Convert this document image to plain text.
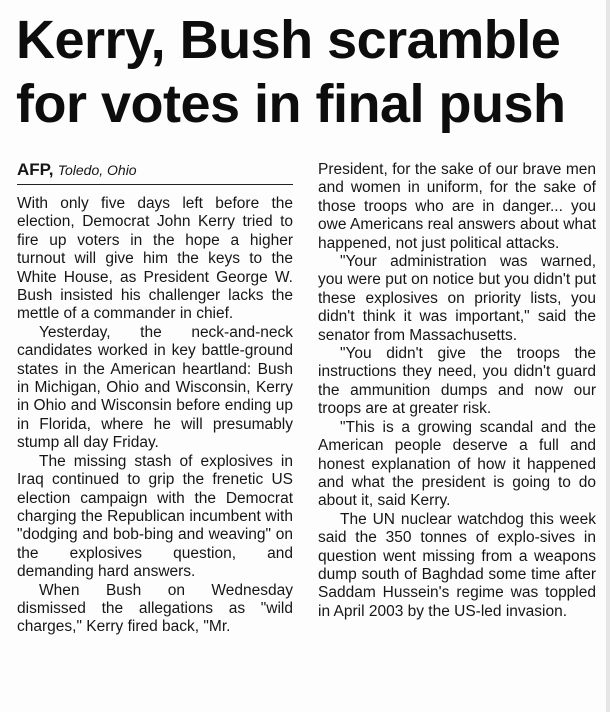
Kerry, Bush scramble
for votes in final push
AFP, Toledo, Ohio

With only five days left before the election, Democrat John Kerry tried to fire up voters in the hope a higher turnout will give him the keys to the White House, as President George W. Bush insisted his challenger lacks the mettle of a commander in chief.

Yesterday, the neck-and-neck candidates worked in key battle-ground states in the American heartland: Bush in Michigan, Ohio and Wisconsin, Kerry in Ohio and Wisconsin before ending up in Florida, where he will presumably stump all day Friday.

The missing stash of explosives in Iraq continued to grip the frenetic US election campaign with the Democrat charging the Republican incumbent with "dodging and bob-bing and weaving" on the explosives question, and demanding hard answers.

When Bush on Wednesday dismissed the allegations as "wild charges," Kerry fired back, "Mr.

President, for the sake of our brave men and women in uniform, for the sake of those troops who are in danger... you owe Americans real answers about what happened, not just political attacks.

"Your administration was warned, you were put on notice but you didn't put these explosives on priority lists, you didn't think it was important," said the senator from Massachusetts.

"You didn't give the troops the instructions they need, you didn't guard the ammunition dumps and now our troops are at greater risk.

"This is a growing scandal and the American people deserve a full and honest explanation of how it happened and what the president is going to do about it, said Kerry.

The UN nuclear watchdog this week said the 350 tonnes of explo-sives in question went missing from a weapons dump south of Baghdad some time after Saddam Hussein's regime was toppled in April 2003 by the US-led invasion.
